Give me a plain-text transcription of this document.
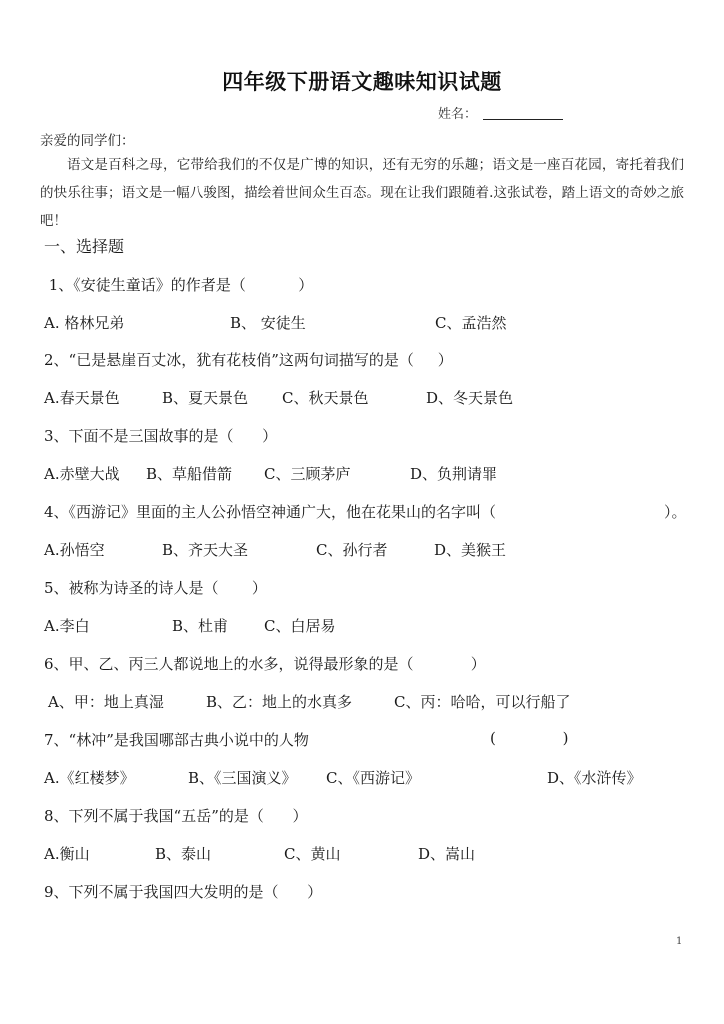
四年级下册语文趣味知识试题
姓名：
亲爱的同学们：
语文是百科之母，它带给我们的不仅是广博的知识，还有无穷的乐趣；语文是一座百花园，寄托着我们的快乐往事；语文是一幅八骏图，描绘着世间众生百态。现在让我们跟随着.这张试卷，踏上语文的奇妙之旅吧！
一、选择题
1、《安徒生童话》的作者是（           ）
A. 格林兄弟	B、 安徒生	C、孟浩然
2、“已是悬崖百丈冰，犹有花枝俏”这两句词描写的是（     ）
A.春天景色	B、夏天景色 C、秋天景色	D、冬天景色
3、下面不是三国故事的是（      ）
A.赤壁大战 B、草船借箭 C、三顾茅庐	D、负荆请罪
4、《西游记》里面的主人公孙悟空神通广大，他在花果山的名字叫（	）。
A.孙悟空	B、齐天大圣	C、孙行者	D、美猴王
5、被称为诗圣的诗人是（       ）
A.李白	B、杜甫 C、白居易
6、甲、乙、丙三人都说地上的水多，说得最形象的是（            ）
A、甲：地上真湿	B、乙：地上的水真多	C、丙：哈哈，可以行船了
7、“林冲”是我国哪部古典小说中的人物	(              )
A.《红楼梦》	B、《三国演义》 C、《西游记》	D、《水浒传》
8、下列不属于我国“五岳”的是（      ）
A.衡山	B、泰山	C、黄山	D、嵩山
9、下列不属于我国四大发明的是（      ）
1
